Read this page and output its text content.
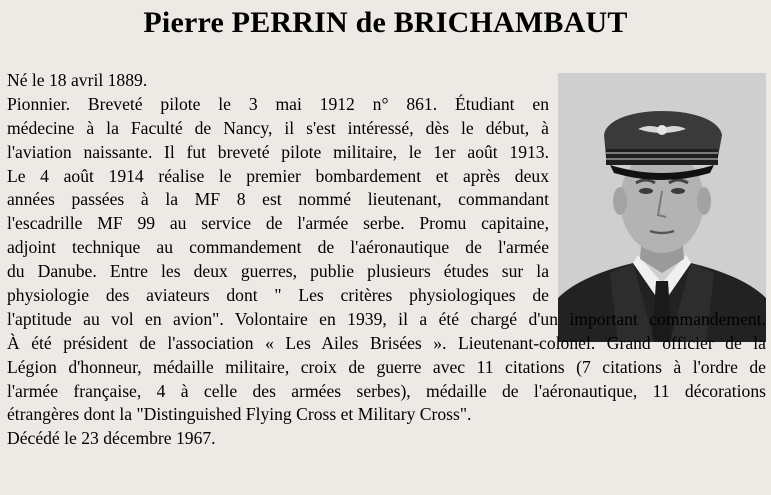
Pierre PERRIN de BRICHAMBAUT
Né le 18 avril 1889.
Pionnier. Breveté pilote le 3 mai 1912 n° 861. Étudiant en
médecine à la Faculté de Nancy, il s'est intéressé, dès le début, à
l'aviation naissante. Il fut breveté pilote militaire, le 1er août 1913.
Le 4 août 1914 réalise le premier bombardement et après deux
années passées à la MF 8 est nommé lieutenant, commandant
l'escadrille MF 99 au service de l'armée serbe. Promu capitaine,
adjoint technique au commandement de l'aéronautique de l'armée
du Danube. Entre les deux guerres, publie plusieurs études sur la
physiologie des aviateurs dont " Les critères physiologiques de
l'aptitude au vol en avion". Volontaire en 1939, il a été chargé d'un important commandement.
À été président de l'association « Les Ailes Brisées ». Lieutenant-colonel. Grand officier de la
Légion d'honneur, médaille militaire, croix de guerre avec 11 citations (7 citations à l'ordre de
l'armée française, 4 à celle des armées serbes), médaille de l'aéronautique, 11 décorations
étrangères dont la "Distinguished Flying Cross et Military Cross".
Décédé le 23 décembre 1967.
